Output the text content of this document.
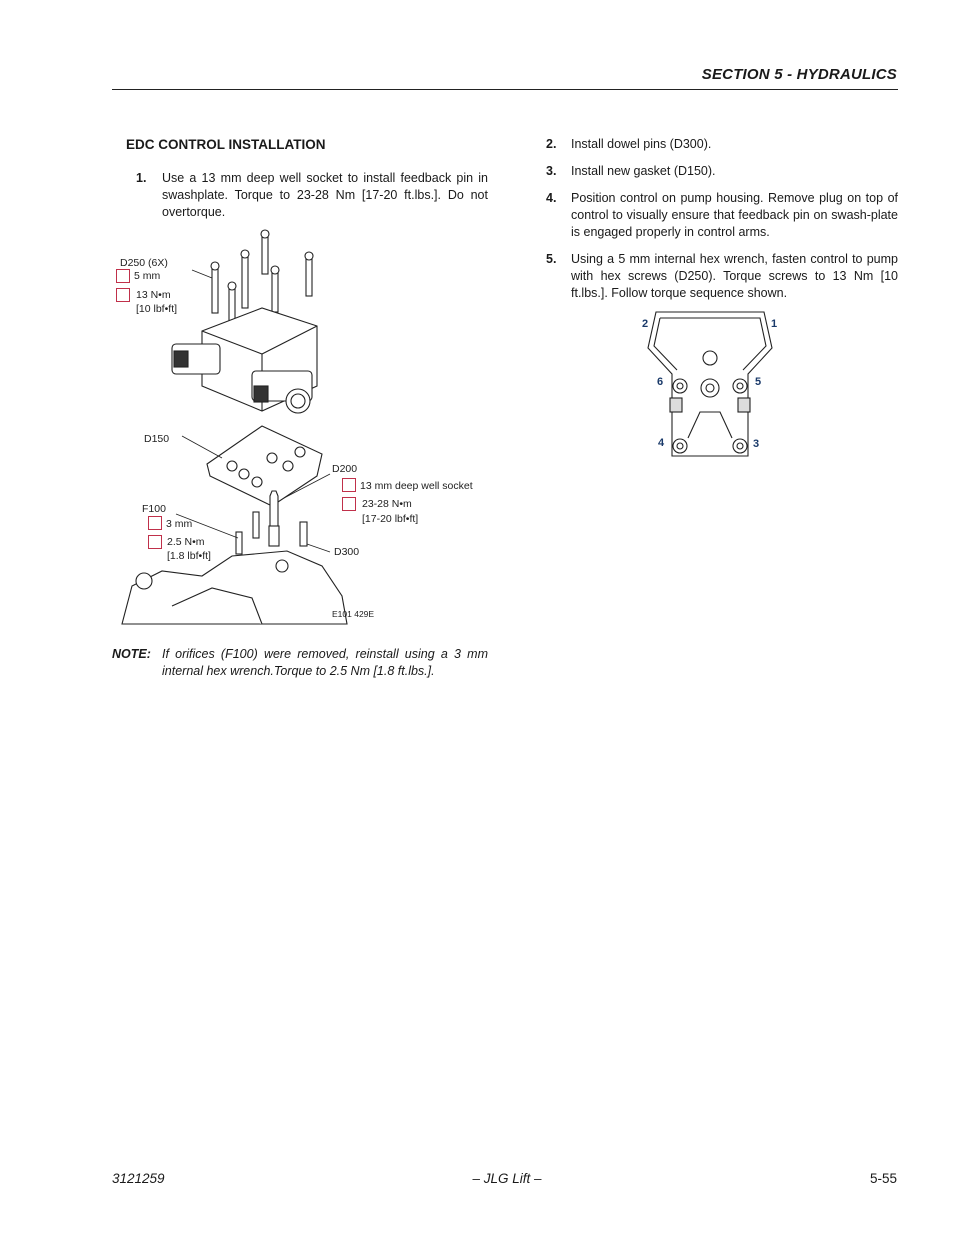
SECTION 5 - HYDRAULICS
EDC CONTROL INSTALLATION
1. Use a 13 mm deep well socket to install feedback pin in swashplate. Torque to 23-28 Nm [17-20 ft.lbs.]. Do not overtorque.
D250 (6X)
5 mm
13 N•m
[10 lbf•ft]
D150
D200
13 mm deep well socket
23-28 N•m
[17-20 lbf•ft]
F100
3 mm
2.5 N•m
[1.8 lbf•ft]	D300
E101 429E
NOTE: If orifices (F100) were removed, reinstall using a 3 mm internal hex wrench.Torque to 2.5 Nm [1.8 ft.lbs.].
2. Install dowel pins (D300).
3. Install new gasket (D150).
4. Position control on pump housing. Remove plug on top of control to visually ensure that feedback pin on swash-plate is engaged properly in control arms.
5. Using a 5 mm internal hex wrench, fasten control to pump with hex screws (D250). Torque screws to 13 Nm [10 ft.lbs.]. Follow torque sequence shown.
2	1
6	5
4	3
3121259	– JLG Lift –	5-55
